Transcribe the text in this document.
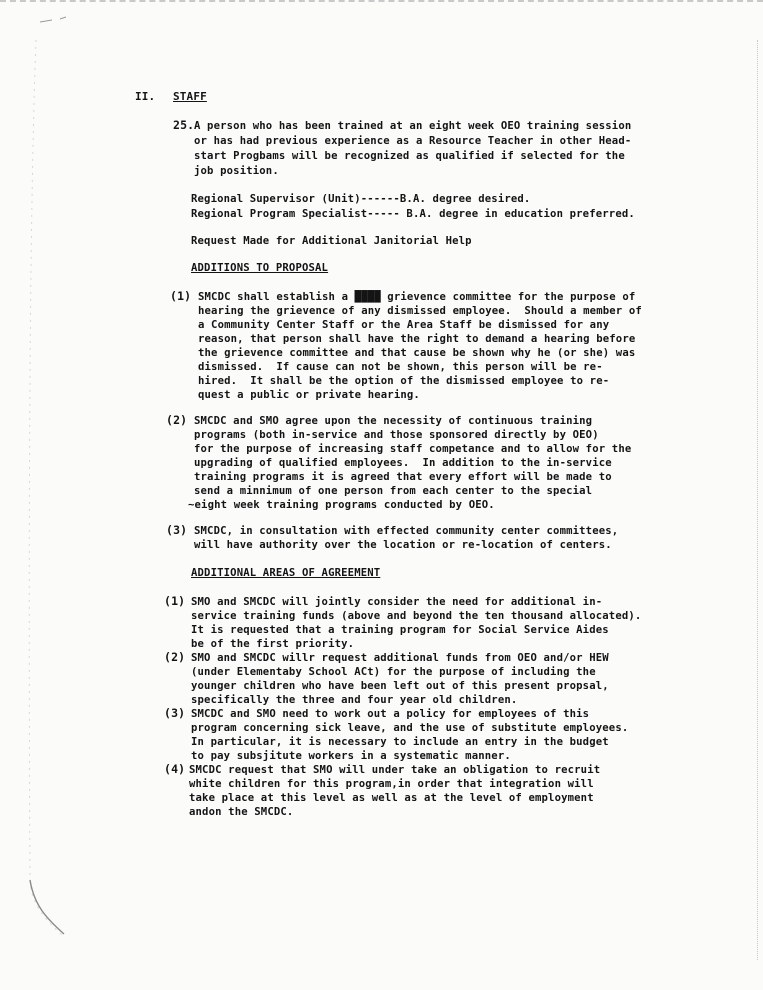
II. STAFF
25. A person who has been trained at an eight week OEO training session
or has had previous experience as a Resource Teacher in other Head-
start Progbams will be recognized as qualified if selected for the
job position.
Regional Supervisor (Unit)------B.A. degree desired.
Regional Program Specialist----- B.A. degree in education preferred.
Request Made for Additional Janitorial Help
ADDITIONS TO PROPOSAL
(1) SMCDC shall establish a ████ grievence committee for the purpose of
hearing the grievence of any dismissed employee.  Should a member of
a Community Center Staff or the Area Staff be dismissed for any
reason, that person shall have the right to demand a hearing before
the grievence committee and that cause be shown why he (or she) was
dismissed.  If cause can not be shown, this person will be re-
hired.  It shall be the option of the dismissed employee to re-
quest a public or private hearing.
(2) SMCDC and SMO agree upon the necessity of continuous training
programs (both in-service and those sponsored directly by OEO)
for the purpose of increasing staff competance and to allow for the
upgrading of qualified employees.  In addition to the in-service
training programs it is agreed that every effort will be made to
send a minnimum of one person from each center to the special
~eight week training programs conducted by OEO.
(3) SMCDC, in consultation with effected community center committees,
will have authority over the location or re-location of centers.
ADDITIONAL AREAS OF AGREEMENT
(1) SMO and SMCDC will jointly consider the need for additional in-
service training funds (above and beyond the ten thousand allocated).
It is requested that a training program for Social Service Aides
be of the first priority.
(2) SMO and SMCDC willr request additional funds from OEO and/or HEW
(under Elementaby School ACt) for the purpose of including the
younger children who have been left out of this present propsal,
specifically the three and four year old children.
(3) SMCDC and SMO need to work out a policy for employees of this
program concerning sick leave, and the use of substitute employees.
In particular, it is necessary to include an entry in the budget
to pay subsjitute workers in a systematic manner.
(4) SMCDC request that SMO will under take an obligation to recruit
white children for this program,in order that integration will
take place at this level as well as at the level of employment
andon the SMCDC.
